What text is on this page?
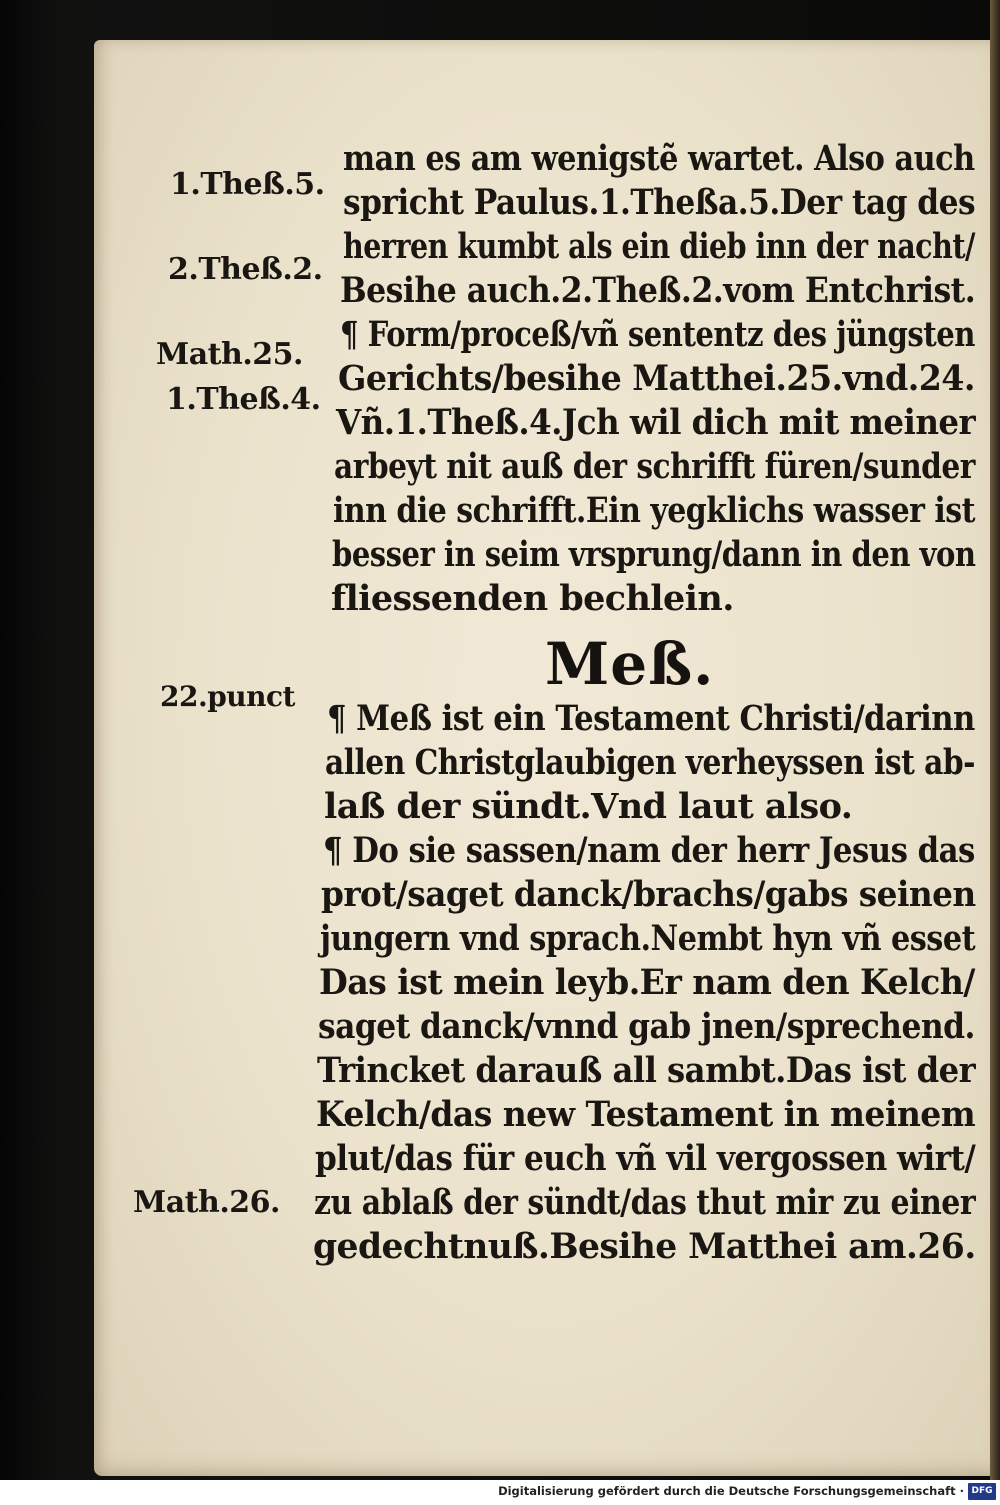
1.Theß.5.
2.Theß.2.
Math.25.
1.Theß.4.
22.punct
Math.26.
man es am wenigstẽ wartet. Also auch
spricht Paulus.1.Theßa.5.Der tag des
herren kumbt als ein dieb inn der nacht/
Besihe auch.2.Theß.2.vom Entchrist.
¶ Form/proceß/vñ sententz des jüngsten
Gerichts/besihe Matthei.25.vnd.24.
Vñ.1.Theß.4.Jch wil dich mit meiner
arbeyt nit auß der schrifft füren/sunder
inn die schrifft.Ein yegklichs wasser ist
besser in seim vrsprung/dann in den von
fliessenden bechlein.
Meß.
¶ Meß ist ein Testament Christi/darinn
allen Christglaubigen verheyssen ist ab-
laß der sündt.Vnd laut also.
¶ Do sie sassen/nam der herr Jesus das
prot/saget danck/brachs/gabs seinen
jungern vnd sprach.Nembt hyn vñ esset
Das ist mein leyb.Er nam den Kelch/
saget danck/vnnd gab jnen/sprechend.
Trincket darauß all sambt.Das ist der
Kelch/das new Testament in meinem
plut/das für euch vñ vil vergossen wirt/
zu ablaß der sündt/das thut mir zu einer
gedechtnuß.Besihe Matthei am.26.
Digitalisierung gefördert durch die Deutsche Forschungsgemeinschaft · DFG
